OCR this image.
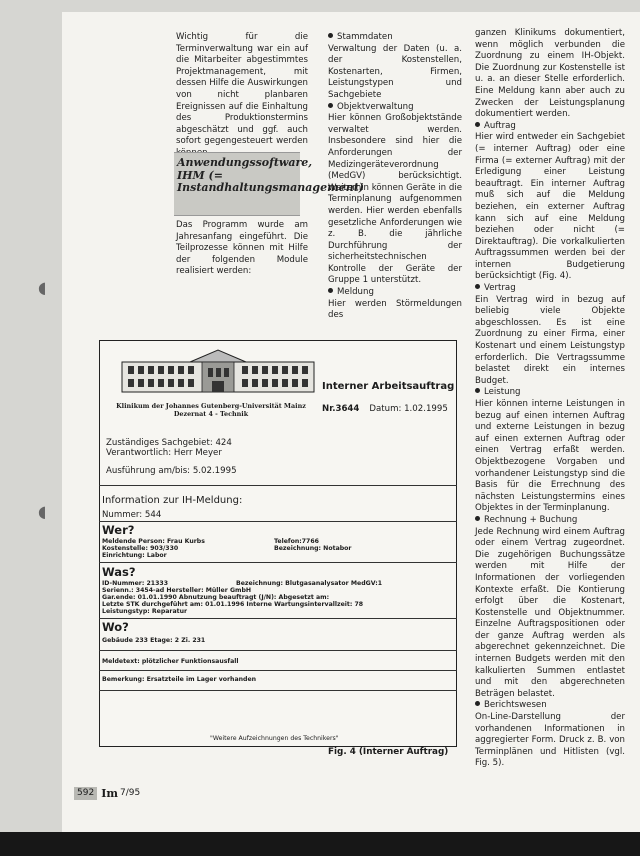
Wichtig für die Terminverwaltung war ein auf die Mitarbeiter abgestimmtes Projektmanagement, mit dessen Hilfe die Auswirkungen von nicht planbaren Ereignissen auf die Einhaltung des Produktionstermins abgeschätzt und ggf. auch sofort gegengesteuert werden

Anwendungssoftware, IHM (= Instandhaltungsmanagement)

Das Programm wurde am Jahresanfang eingeführt. Die Teilprozesse können mit Hilfe der folgenden Module realisiert werden:

Stammdaten

Verwaltung der Daten (u. a. der Kostenstellen, Kostenarten, Firmen, Leistungstypen und Sachgebiete

Objektverwaltung

Hier können Großobjektstände verwaltet werden. Insbesondere sind hier die Anforderungen der Medizingeräteverordnung (MedGV) berücksichtigt. Weiterhin können Geräte in die Terminplanung aufgenommen werden. Hier werden ebenfalls gesetzliche Anforderungen wie z. B. die jährliche Durchführung der sicherheitstechnischen Kontrolle der Geräte der Gruppe 1 unterstützt.

Meldung

Hier werden Störmeldungen des

ganzen Klinikums dokumentiert, wenn möglich verbunden die Zuordnung zu einem IH-Objekt. Die Zuordnung zur Kostenstelle ist u. a. an dieser Stelle erforderlich. Eine Meldung kann aber auch zu Zwecken der Leistungsplanung dokumentiert werden.

Auftrag

Hier wird entweder ein Sachgebiet (= interner Auftrag) oder eine Firma (= externer Auftrag) mit der Erledigung einer Leistung beauftragt. Ein interner Auftrag muß sich auf die Meldung beziehen, ein externer Auftrag kann sich auf eine Meldung beziehen oder nicht (= Direktauftrag). Die vorkalkulierten Auftragssummen werden bei der internen Budgetierung berücksichtigt (Fig. 4).

Vertrag

Ein Vertrag wird in bezug auf beliebig viele Objekte abgeschlossen. Es ist eine Zuordnung zu einer Firma, einer Kostenart und einem Leistungstyp erforderlich. Die Vertragssumme belastet direkt ein internes Budget.

Leistung

Hier können interne Leistungen in bezug auf einen internen Auftrag und externe Leistungen in bezug auf einen externen Auftrag oder einen Vertrag erfaßt werden. Objektbezogene Vorgaben und vorhandener Leistungstyp sind die Basis für die Errechnung des nächsten Leistungstermins eines Objektes in der Terminplanung.

Rechnung + Buchung

Jede Rechnung wird einem Auftrag oder einem Vertrag zugeordnet. Die zugehörigen Buchungssätze werden mit Hilfe der Informationen der vorliegenden Kontexte erfaßt. Die Kontierung erfolgt über die Kostenart, Kostenstelle und Objektnummer. Einzelne Auftragspositionen oder der ganze Auftrag werden als abgerechnet gekennzeichnet. Die internen Budgets werden mit den kalkulierten Summen entlastet und mit den abgerechneten Beträgen belastet.

Berichtswesen

On-Line-Darstellung der vorhandenen Informationen in aggregierter Form. Druck z. B. von Terminplänen und Hitlisten (vgl. Fig. 5).

Klinikum der Johannes Gutenberg-Universität Mainz
Dezernat 4 - Technik
Interner Arbeitsauftrag
Nr.3644 Datum: 1.02.1995
Zuständiges Sachgebiet: 424
Verantwortlich: Herr Meyer
Ausführung am/bis: 5.02.1995
Information zur IH-Meldung:
Nummer: 544
Wer?
Meldende Person: Frau Kurbs
Kostenstelle: 903/330
Einrichtung: Labor
Telefon:7766
Bezeichnung: Notabor
Was?
ID-Nummer: 21333	Bezeichnung: Blutgasanalysator MedGV:1
Serienn.: 3454-ad Hersteller: Müller GmbH
Gar.ende: 01.01.1990 Abnutzung beauftragt (J/N): Abgesetzt am:
Letzte STK durchgeführt am: 01.01.1996 Interne Wartungsintervallzeit: 78
Leistungstyp: Reparatur
Wo?
Gebäude 233 Etage: 2 Zi. 231
Meldetext: plötzlicher Funktionsausfall
Bemerkung: Ersatzteile im Lager vorhanden
"Weitere Aufzeichnungen des Technikers"
Fig. 4 (Interner Auftrag)
592 Im 7/95
◖
◖
